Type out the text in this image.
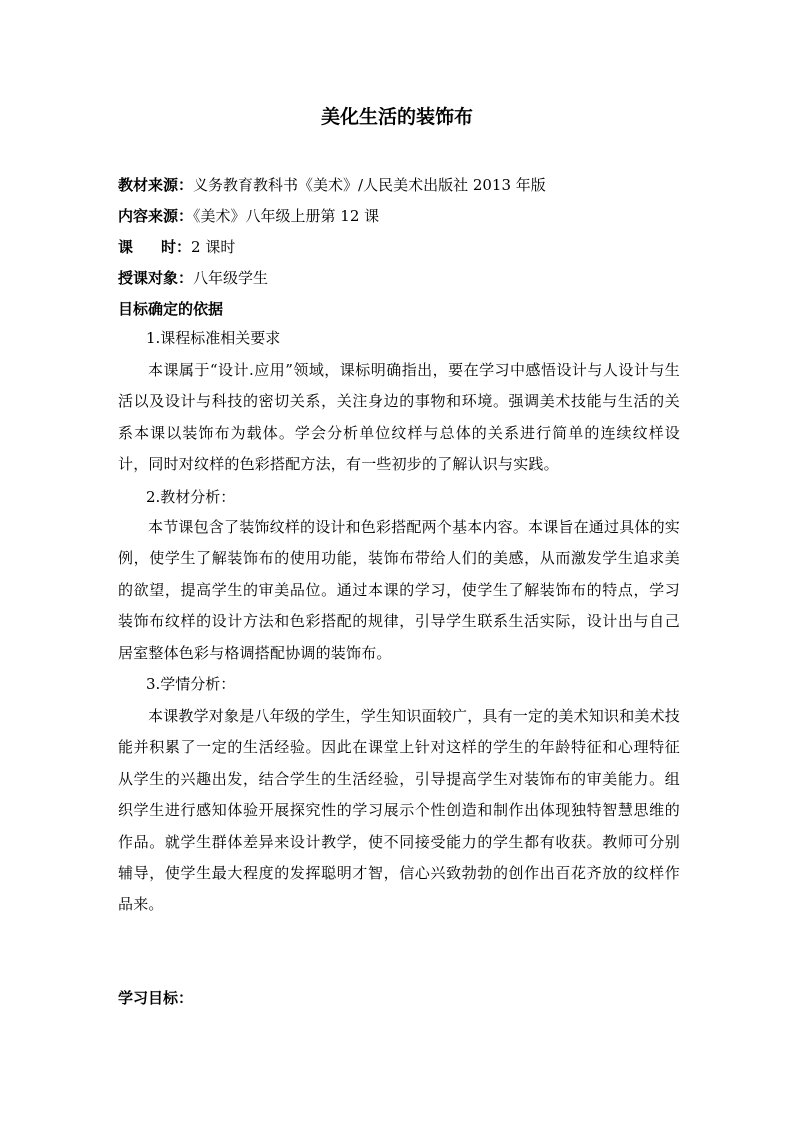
美化生活的装饰布
教材来源：义务教育教科书《美术》/人民美术出版社 2013 年版
内容来源：《美术》八年级上册第 12 课
课 时：2 课时
授课对象：八年级学生
目标确定的依据
1.课程标准相关要求
本课属于“设计.应用”领域，课标明确指出，要在学习中感悟设计与人设计与生活以及设计与科技的密切关系，关注身边的事物和环境。强调美术技能与生活的关系本课以装饰布为载体。学会分析单位纹样与总体的关系进行简单的连续纹样设计，同时对纹样的色彩搭配方法，有一些初步的了解认识与实践。
2.教材分析：
本节课包含了装饰纹样的设计和色彩搭配两个基本内容。本课旨在通过具体的实例，使学生了解装饰布的使用功能，装饰布带给人们的美感，从而激发学生追求美的欲望，提高学生的审美品位。通过本课的学习，使学生了解装饰布的特点，学习装饰布纹样的设计方法和色彩搭配的规律，引导学生联系生活实际，设计出与自己居室整体色彩与格调搭配协调的装饰布。
3.学情分析：
本课教学对象是八年级的学生，学生知识面较广，具有一定的美术知识和美术技能并积累了一定的生活经验。因此在课堂上针对这样的学生的年龄特征和心理特征从学生的兴趣出发，结合学生的生活经验，引导提高学生对装饰布的审美能力。组织学生进行感知体验开展探究性的学习展示个性创造和制作出体现独特智慧思维的作品。就学生群体差异来设计教学，使不同接受能力的学生都有收获。教师可分别辅导，使学生最大程度的发挥聪明才智，信心兴致勃勃的创作出百花齐放的纹样作品来。
学习目标：
